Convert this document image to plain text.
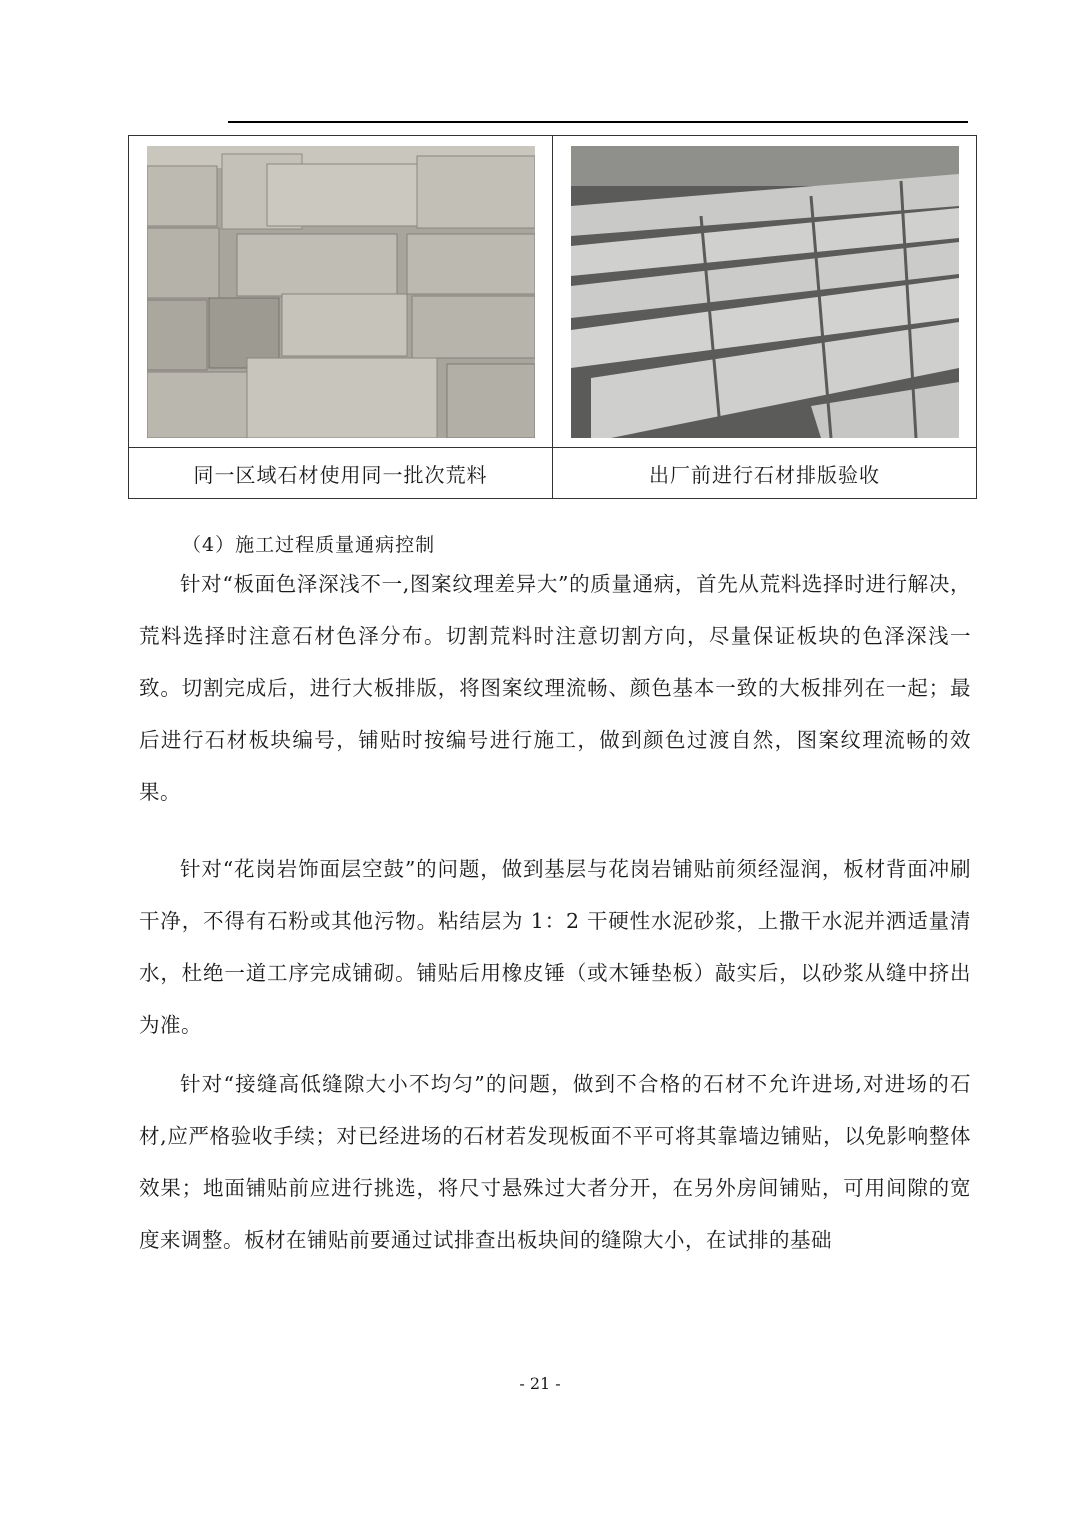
同一区域石材使用同一批次荒料	出厂前进行石材排版验收
（4）施工过程质量通病控制

针对“板面色泽深浅不一,图案纹理差异大”的质量通病，首先从荒料选择时进行解决，荒料选择时注意石材色泽分布。切割荒料时注意切割方向，尽量保证板块的色泽深浅一致。切割完成后，进行大板排版，将图案纹理流畅、颜色基本一致的大板排列在一起；最后进行石材板块编号，铺贴时按编号进行施工，做到颜色过渡自然，图案纹理流畅的效果。

针对“花岗岩饰面层空鼓”的问题，做到基层与花岗岩铺贴前须经湿润，板材背面冲刷干净，不得有石粉或其他污物。粘结层为 1：2 干硬性水泥砂浆，上撒干水泥并洒适量清水，杜绝一道工序完成铺砌。铺贴后用橡皮锤（或木锤垫板）敲实后，以砂浆从缝中挤出为准。

针对“接缝高低缝隙大小不均匀”的问题，做到不合格的石材不允许进场,对进场的石材,应严格验收手续；对已经进场的石材若发现板面不平可将其靠墙边铺贴，以免影响整体效果；地面铺贴前应进行挑选，将尺寸悬殊过大者分开，在另外房间铺贴，可用间隙的宽度来调整。板材在铺贴前要通过试排查出板块间的缝隙大小，在试排的基础

- 21 -
